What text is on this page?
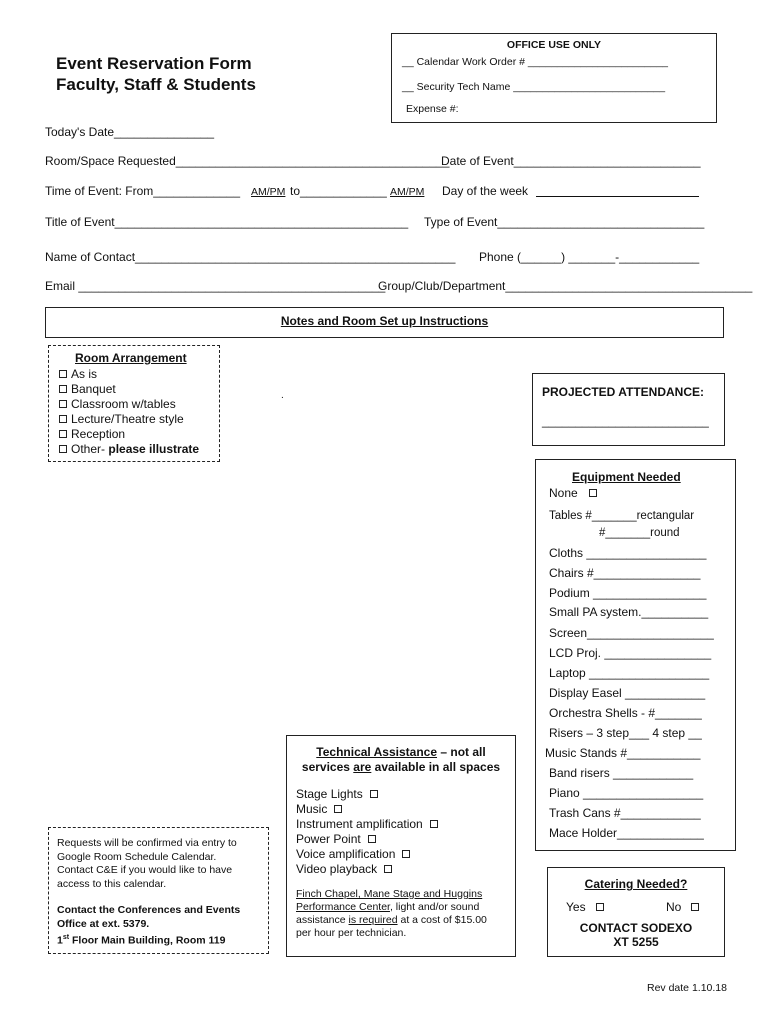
Event Reservation Form
Faculty, Staff & Students
OFFICE USE ONLY
__ Calendar Work Order # ________________________
__ Security Tech Name __________________________
Expense #:
Today's Date_______________
Room/Space Requested_________________________________________
Date of Event____________________________
Time of Event: From_____________ AM/PM to_____________ AM/PM Day of the week
Title of Event____________________________________________ Type of Event_______________________________
Name of Contact________________________________________________ Phone (______) _______-____________
Email ______________________________________________
Group/Club/Department_____________________________________
Notes and Room Set up Instructions
Room Arrangement
As is
Banquet
Classroom w/tables
Lecture/Theatre style
Reception
Other- please illustrate
.	PROJECTED ATTENDANCE:
_________________________
Equipment Needed
None
Tables #_______rectangular
#_______round
Cloths __________________
Chairs #________________
Podium _________________
Small PA system.__________
Screen___________________
LCD Proj. ________________
Laptop __________________
Display Easel ____________
Orchestra Shells - #_______
Risers – 3 step___ 4 step __
Music Stands #___________
Band risers ____________
Piano __________________
Trash Cans #____________
Mace Holder_____________
Technical Assistance – not all
services are available in all spaces
Stage Lights
Music
Instrument amplification
Power Point
Voice amplification
Video playback
Finch Chapel, Mane Stage and Huggins
Performance Center, light and/or sound
assistance is required at a cost of $15.00
per hour per technician.
Requests will be confirmed via entry to
Google Room Schedule Calendar.
Contact C&E if you would like to have
access to this calendar.
Contact the Conferences and Events
Office at ext. 5379.
1st Floor Main Building, Room 119
Catering Needed?
Yes	No
CONTACT SODEXO
XT 5255
Rev date 1.10.18
